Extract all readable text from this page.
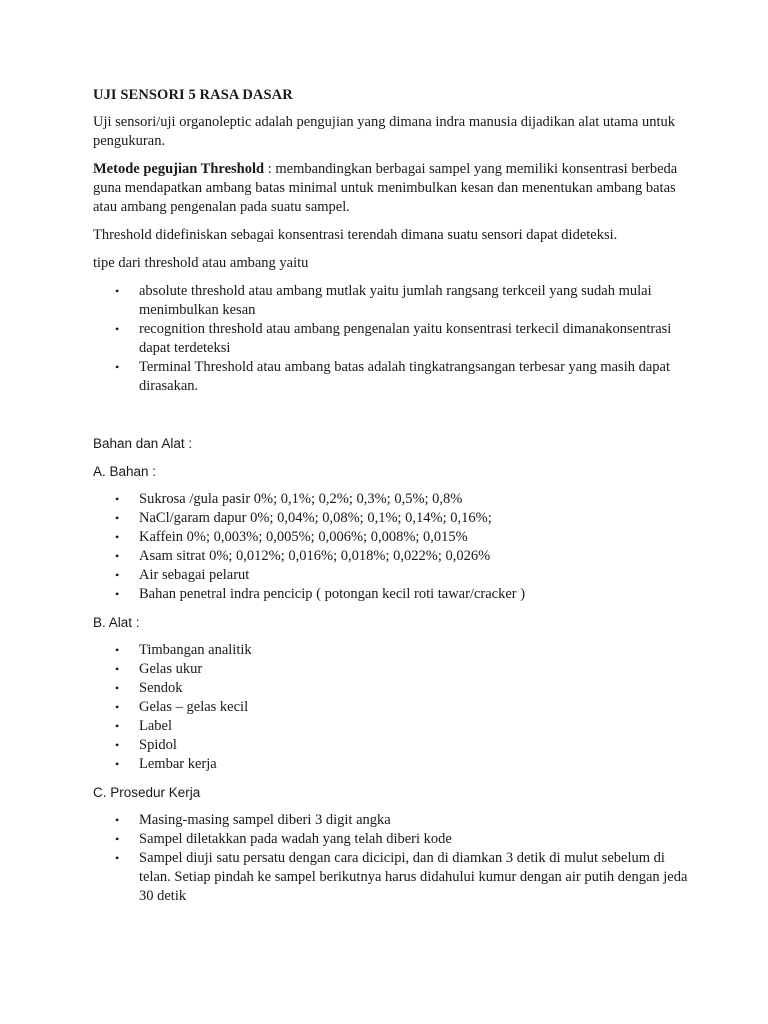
UJI SENSORI 5 RASA DASAR

Uji sensori/uji organoleptic adalah pengujian yang dimana indra manusia dijadikan alat utama untuk pengukuran.

Metode pegujian Threshold : membandingkan berbagai sampel yang memiliki konsentrasi berbeda guna mendapatkan ambang batas minimal untuk menimbulkan kesan dan menentukan ambang batas atau ambang pengenalan pada suatu sampel.

Threshold didefiniskan sebagai konsentrasi terendah dimana suatu sensori dapat dideteksi.

tipe dari threshold atau ambang yaitu

• absolute threshold atau ambang mutlak yaitu jumlah rangsang terkceil yang sudah mulai menimbulkan kesan
• recognition threshold atau ambang pengenalan yaitu konsentrasi terkecil dimanakonsentrasi dapat terdeteksi
• Terminal Threshold atau ambang batas adalah tingkatrangsangan terbesar yang masih dapat dirasakan.

Bahan dan Alat :

A. Bahan :

• Sukrosa /gula pasir 0%; 0,1%; 0,2%; 0,3%; 0,5%; 0,8%
• NaCl/garam dapur 0%; 0,04%; 0,08%; 0,1%; 0,14%; 0,16%;
• Kaffein 0%; 0,003%; 0,005%; 0,006%; 0,008%; 0,015%
• Asam sitrat 0%; 0,012%; 0,016%; 0,018%; 0,022%; 0,026%
• Air sebagai pelarut
• Bahan penetral indra pencicip ( potongan kecil roti tawar/cracker )

B. Alat :

• Timbangan analitik
• Gelas ukur
• Sendok
• Gelas – gelas kecil
• Label
• Spidol
• Lembar kerja

C. Prosedur Kerja

• Masing-masing sampel diberi 3 digit angka
• Sampel diletakkan pada wadah yang telah diberi kode
• Sampel diuji satu persatu dengan cara dicicipi, dan di diamkan 3 detik di mulut sebelum di telan. Setiap pindah ke sampel berikutnya harus didahului kumur dengan air putih dengan jeda 30 detik
